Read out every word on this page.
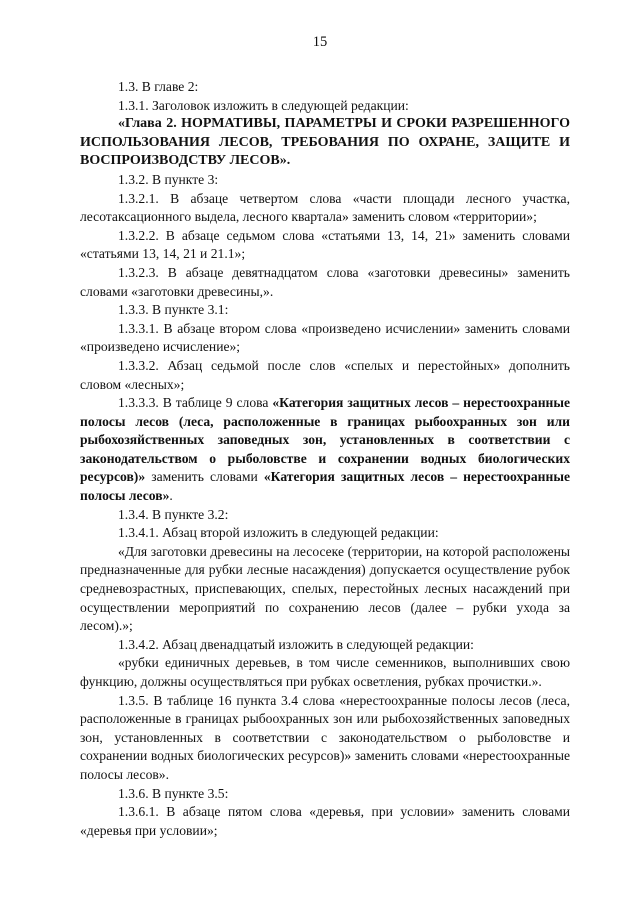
15

1.3. В главе 2:

1.3.1. Заголовок изложить в следующей редакции:

«Глава 2. НОРМАТИВЫ, ПАРАМЕТРЫ И СРОКИ РАЗРЕШЕННОГО ИСПОЛЬЗОВАНИЯ ЛЕСОВ, ТРЕБОВАНИЯ ПО ОХРАНЕ, ЗАЩИТЕ И ВОСПРОИЗВОДСТВУ ЛЕСОВ».

1.3.2. В пункте 3:

1.3.2.1. В абзаце четвертом слова «части площади лесного участка, лесотаксационного выдела, лесного квартала» заменить словом «территории»;

1.3.2.2. В абзаце седьмом слова «статьями 13, 14, 21» заменить словами «статьями 13, 14, 21 и 21.1»;

1.3.2.3. В абзаце девятнадцатом слова «заготовки древесины» заменить словами «заготовки древесины,».

1.3.3. В пункте 3.1:

1.3.3.1. В абзаце втором слова «произведено исчислении» заменить словами «произведено исчисление»;

1.3.3.2. Абзац седьмой после слов «спелых и перестойных» дополнить словом «лесных»;

1.3.3.3. В таблице 9 слова «Категория защитных лесов – нерестоохранные полосы лесов (леса, расположенные в границах рыбоохранных зон или рыбохозяйственных заповедных зон, установленных в соответствии с законодательством о рыболовстве и сохранении водных биологических ресурсов)» заменить словами «Категория защитных лесов – нерестоохранные полосы лесов».

1.3.4. В пункте 3.2:

1.3.4.1. Абзац второй изложить в следующей редакции:

«Для заготовки древесины на лесосеке (территории, на которой расположены предназначенные для рубки лесные насаждения) допускается осуществление рубок средневозрастных, приспевающих, спелых, перестойных лесных насаждений при осуществлении мероприятий по сохранению лесов (далее – рубки ухода за лесом).»;

1.3.4.2. Абзац двенадцатый изложить в следующей редакции:

«рубки единичных деревьев, в том числе семенников, выполнивших свою функцию, должны осуществляться при рубках осветления, рубках прочистки.».

1.3.5. В таблице 16 пункта 3.4 слова «нерестоохранные полосы лесов (леса, расположенные в границах рыбоохранных зон или рыбохозяйственных заповедных зон, установленных в соответствии с законодательством о рыболовстве и сохранении водных биологических ресурсов)» заменить словами «нерестоохранные полосы лесов».

1.3.6. В пункте 3.5:

1.3.6.1. В абзаце пятом слова «деревья, при условии» заменить словами «деревья при условии»;
